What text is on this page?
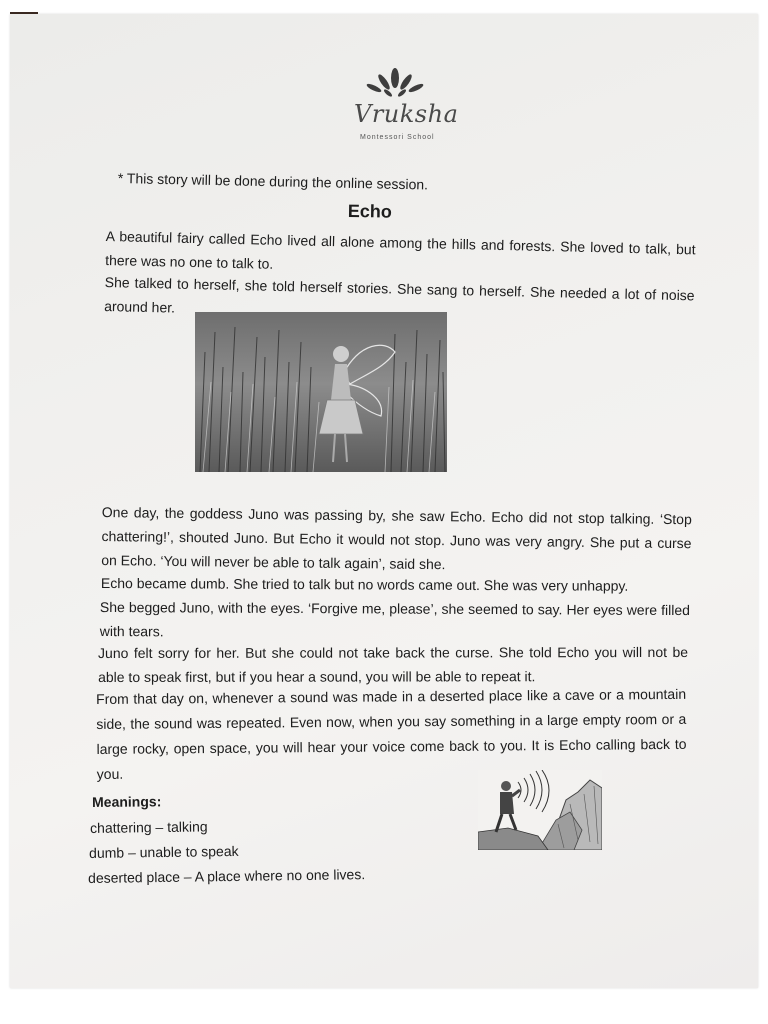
Vruksha
Montessori School
* This story will be done during the online session.
Echo
A beautiful fairy called Echo lived all alone among the hills and forests. She loved to talk, but there was no one to talk to.
She talked to herself, she told herself stories. She sang to herself. She needed a lot of noise around her.
One day, the goddess Juno was passing by, she saw Echo. Echo did not stop talking. ‘Stop chattering!’, shouted Juno. But Echo it would not stop. Juno was very angry. She put a curse on Echo. ‘You will never be able to talk again’, said she.
Echo became dumb. She tried to talk but no words came out. She was very unhappy.
She begged Juno, with the eyes. ‘Forgive me, please’, she seemed to say. Her eyes were filled with tears.
Juno felt sorry for her. But she could not take back the curse. She told Echo you will not be able to speak first, but if you hear a sound, you will be able to repeat it.
From that day on, whenever a sound was made in a deserted place like a cave or a mountain side, the sound was repeated. Even now, when you say something in a large empty room or a large rocky, open space, you will hear your voice come back to you. It is Echo calling back to you.
Meanings:
chattering – talking
dumb – unable to speak
deserted place – A place where no one lives.
